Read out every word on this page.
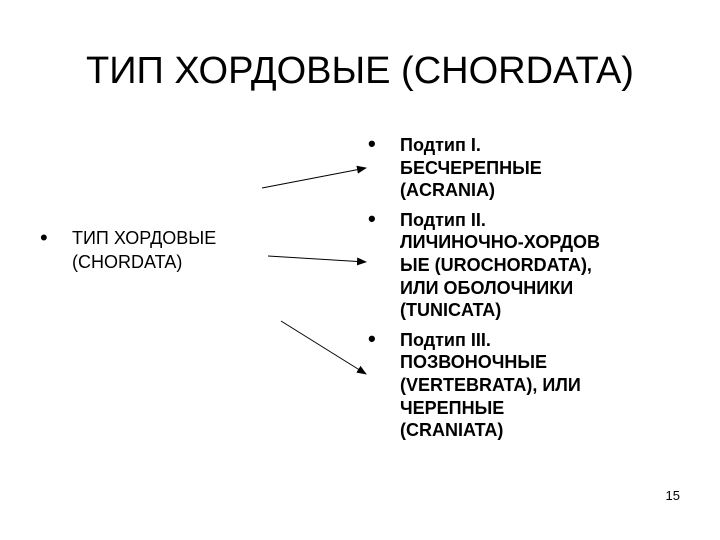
ТИП ХОРДОВЫЕ (CHORDATA)
• ТИП ХОРДОВЫЕ
(CHORDATA)
• Подтип I.
БЕСЧЕРЕПНЫЕ
(ACRANIA)
• Подтип II.
ЛИЧИНОЧНО-ХОРДОВ
ЫЕ (UROCHORDATA),
ИЛИ ОБОЛОЧНИКИ
(TUNICATA)
• Подтип III.
ПОЗВОНОЧНЫЕ
(VERTEBRATA), ИЛИ
ЧЕРЕПНЫЕ
(CRANIATA)
15
